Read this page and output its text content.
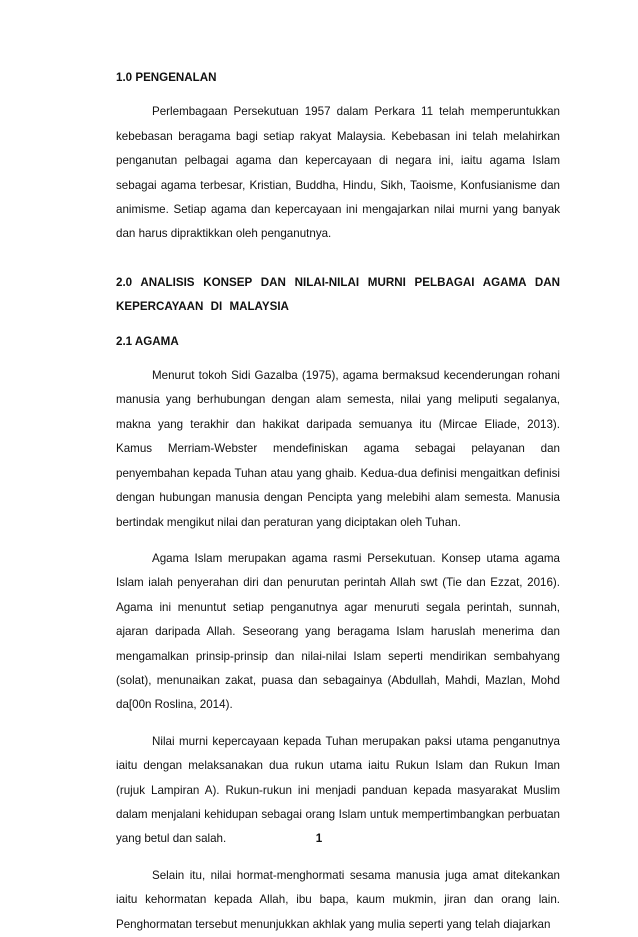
1.0 PENGENALAN

Perlembagaan Persekutuan 1957 dalam Perkara 11 telah memperuntukkan kebebasan beragama bagi setiap rakyat Malaysia. Kebebasan ini telah melahirkan penganutan pelbagai agama dan kepercayaan di negara ini, iaitu agama Islam sebagai agama terbesar, Kristian, Buddha, Hindu, Sikh, Taoisme, Konfusianisme dan animisme. Setiap agama dan kepercayaan ini mengajarkan nilai murni yang banyak dan harus dipraktikkan oleh penganutnya.

2.0 ANALISIS KONSEP DAN NILAI-NILAI MURNI PELBAGAI AGAMA DAN KEPERCAYAAN DI MALAYSIA

2.1 AGAMA

Menurut tokoh Sidi Gazalba (1975), agama bermaksud kecenderungan rohani manusia yang berhubungan dengan alam semesta, nilai yang meliputi segalanya, makna yang terakhir dan hakikat daripada semuanya itu (Mircae Eliade, 2013). Kamus Merriam-Webster mendefiniskan agama sebagai pelayanan dan penyembahan kepada Tuhan atau yang ghaib. Kedua-dua definisi mengaitkan definisi dengan hubungan manusia dengan Pencipta yang melebihi alam semesta. Manusia bertindak mengikut nilai dan peraturan yang diciptakan oleh Tuhan.

Agama Islam merupakan agama rasmi Persekutuan. Konsep utama agama Islam ialah penyerahan diri dan penurutan perintah Allah swt (Tie dan Ezzat, 2016). Agama ini menuntut setiap penganutnya agar menuruti segala perintah, sunnah, ajaran daripada Allah. Seseorang yang beragama Islam haruslah menerima dan mengamalkan prinsip-prinsip dan nilai-nilai Islam seperti mendirikan sembahyang (solat), menunaikan zakat, puasa dan sebagainya (Abdullah, Mahdi, Mazlan, Mohd da[00n Roslina, 2014).

Nilai murni kepercayaan kepada Tuhan merupakan paksi utama penganutnya iaitu dengan melaksanakan dua rukun utama iaitu Rukun Islam dan Rukun Iman (rujuk Lampiran A). Rukun-rukun ini menjadi panduan kepada masyarakat Muslim dalam menjalani kehidupan sebagai orang Islam untuk mempertimbangkan perbuatan yang betul dan salah.

Selain itu, nilai hormat-menghormati sesama manusia juga amat ditekankan iaitu kehormatan kepada Allah, ibu bapa, kaum mukmin, jiran dan orang lain. Penghormatan tersebut menunjukkan akhlak yang mulia seperti yang telah diajarkan

1
